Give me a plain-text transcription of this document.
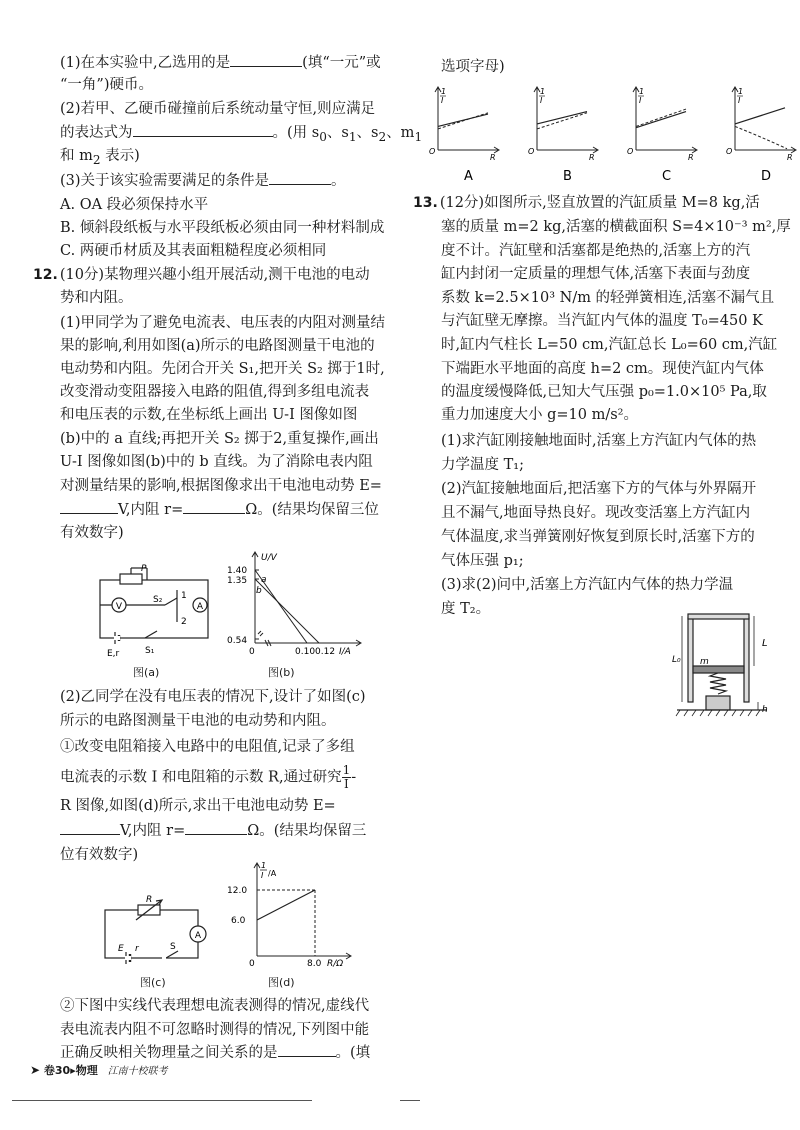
(1)在本实验中,乙选用的是	(填“一元”或
“一角”)硬币。
(2)若甲、乙硬币碰撞前后系统动量守恒,则应满足
的表达式为	。(用 $s_0$、$s_1$、$s_2$、$m_1$
和 $m_2$ 表示)
(3)关于该实验需要满足的条件是	。
A. OA 段必须保持水平
B. 倾斜段纸板与水平段纸板必须由同一种材料制成
C. 两硬币材质及其表面粗糙程度必须相同
12. (10分)某物理兴趣小组开展活动,测干电池的电动
势和内阻。
(1)甲同学为了避免电流表、电压表的内阻对测量结
果的影响,利用如图(a)所示的电路图测量干电池的
电动势和内阻。先闭合开关 S₁,把开关 S₂ 掷于1时,
改变滑动变阻器接入电路的阻值,得到多组电流表
和电压表的示数,在坐标纸上画出 U-I 图像如图
(b)中的 a 直线;再把开关 S₂ 掷于2,重复操作,画出
U-I 图像如图(b)中的 b 直线。为了消除电表内阻
对测量结果的影响,根据图像求出干电池电动势 E=
V,内阻 r=	Ω。(结果均保留三位
有效数字)
V	A
P
S₂ 1
2
E,r	S₁
图(a)
U/V
1.40
1.35
0.54
0	0.10 0.12 I/A
a
b
图(b)
(2)乙同学在没有电压表的情况下,设计了如图(c)
所示的电路图测量干电池的电动势和内阻。
①改变电阻箱接入电路中的电阻值,记录了多组
电流表的示数 I 和电阻箱的示数 R,通过研究 $\frac{1}{I}$ -
R 图像,如图(d)所示,求出干电池电动势 E=
V,内阻 r=	Ω。(结果均保留三
位有效数字)
A
R
E r	S
图(c)
1
I /A
12.0
6.0
0	8.0 R/Ω
图(d)
②下图中实线代表理想电流表测得的情况,虚线代
表电流表内阻不可忽略时测得的情况,下列图中能
正确反映相关物理量之间关系的是	。(填
选项字母)
1
I
O
R
A
1
I
O
R
B
1
I
O
R
C
1
I
O
R
D
13. (12分)如图所示,竖直放置的汽缸质量 M=8 kg,活
塞的质量 m=2 kg,活塞的横截面积 S=4×10⁻³ m²,厚
度不计。汽缸壁和活塞都是绝热的,活塞上方的汽
缸内封闭一定质量的理想气体,活塞下表面与劲度
系数 k=2.5×10³ N/m 的轻弹簧相连,活塞不漏气且
与汽缸壁无摩擦。当汽缸内气体的温度 T₀=450 K
时,缸内气柱长 L=50 cm,汽缸总长 L₀=60 cm,汽缸
下端距水平地面的高度 h=2 cm。现使汽缸内气体
的温度缓慢降低,已知大气压强 p₀=1.0×10⁵ Pa,取
重力加速度大小 g=10 m/s²。
(1)求汽缸刚接触地面时,活塞上方汽缸内气体的热
力学温度 T₁;
(2)汽缸接触地面后,把活塞下方的气体与外界隔开
且不漏气,地面导热良好。现改变活塞上方汽缸内
气体温度,求当弹簧刚好恢复到原长时,活塞下方的
气体压强 p₁;
(3)求(2)问中,活塞上方汽缸内气体的热力学温
度 T₂。
L₀
L
m
h
➤ 卷30▸物理 江南十校联考
